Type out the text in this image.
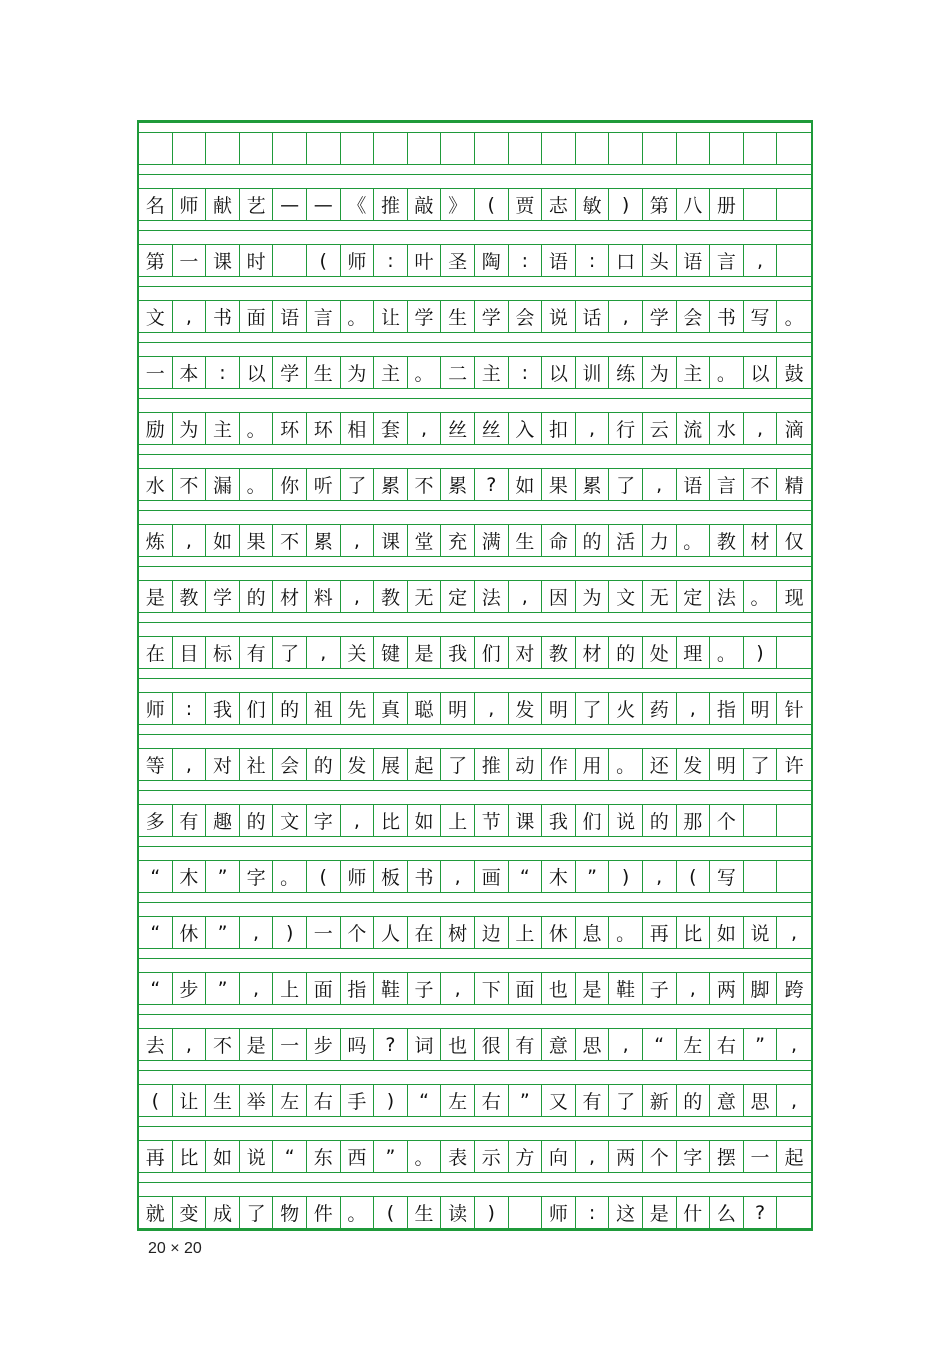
名 师 献 艺 — — 《 推 敲 》	(	贾 志 敏	)	第 八 册
第 一 课 时	(	师	:	叶 圣 陶	:	语	:	口 头 语 言	,
文	,	书 面 语 言 。 让 学 生 学 会 说 话	,	学 会 书 写 。
一 本	:	以 学 生 为 主 。 二 主	:	以 训 练 为 主 。 以 鼓
励 为 主 。 环 环 相 套	,	丝 丝 入 扣	,	行 云 流 水	,	滴
水 不 漏 。 你 听 了 累 不 累	?	如 果 累 了	,	语 言 不 精
炼	,	如 果 不 累	,	课 堂 充 满 生 命 的 活 力 。 教 材 仅
是 教 学 的 材 料	,	教 无 定 法	,	因 为 文 无 定 法 。 现
在 目 标 有 了	,	关 键 是 我 们 对 教 材 的 处 理 。	)
师	:	我 们 的 祖 先 真 聪 明	,	发 明 了 火 药	,	指 明 针
等	,	对 社 会 的 发 展 起 了 推 动 作 用 。 还 发 明 了 许
多 有 趣 的 文 字	,	比 如 上 节 课 我 们 说 的 那 个
“	木	”	字 。	(	师 板 书	,	画	“	木	”	)	,	(	写
“	休	”	,	)	一 个 人 在 树 边 上 休 息 。 再 比 如 说	,
“	步	”	,	上 面 指 鞋 子	,	下 面 也 是 鞋 子	,	两 脚 跨
去	,	不 是 一 步 吗	?	词 也 很 有 意 思	,	“	左 右	”	,
(	让 生 举 左 右 手	)	“	左 右	”	又 有 了 新 的 意 思	,
再 比 如 说	“	东 西	”	。 表 示 方 向	,	两 个 字 摆 一 起
就 变 成 了 物 件 。	(	生 读	)	师	:	这 是 什 么	?
20 × 20
